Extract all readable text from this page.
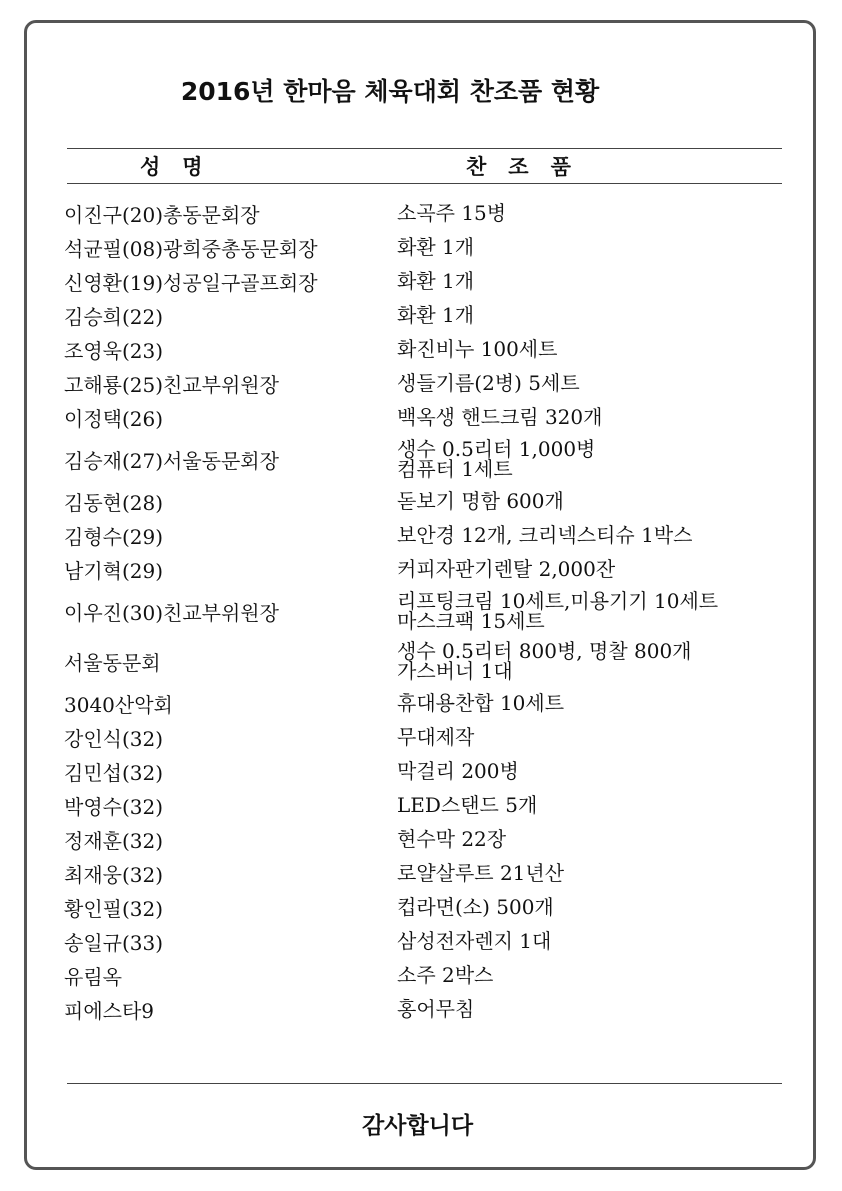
2016년 한마음 체육대회 찬조품 현황
성명	찬조품
이진구(20)총동문회장	소곡주 15병
석균필(08)광희중총동문회장	화환 1개
신영환(19)성공일구골프회장	화환 1개
김승희(22)	화환 1개
조영욱(23)	화진비누 100세트
고해룡(25)친교부위원장	생들기름(2병) 5세트
이정택(26)	백옥생 핸드크림 320개
김승재(27)서울동문회장	생수 0.5리터 1,000병
컴퓨터 1세트
김동현(28)	돋보기 명함 600개
김형수(29)	보안경 12개, 크리넥스티슈 1박스
남기혁(29)	커피자판기렌탈 2,000잔
이우진(30)친교부위원장	리프팅크림 10세트,미용기기 10세트
마스크팩 15세트
서울동문회	생수 0.5리터 800병, 명찰 800개
가스버너 1대
3040산악회	휴대용찬합 10세트
강인식(32)	무대제작
김민섭(32)	막걸리 200병
박영수(32)	LED스탠드 5개
정재훈(32)	현수막 22장
최재웅(32)	로얄살루트 21년산
황인필(32)	컵라면(소) 500개
송일규(33)	삼성전자렌지 1대
유림옥	소주 2박스
피에스타9	홍어무침
감사합니다
